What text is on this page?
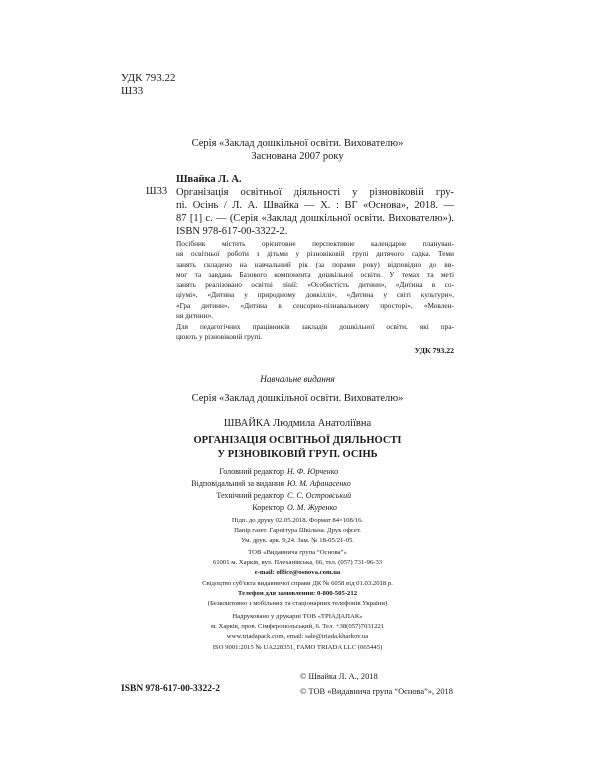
УДК 793.22
Ш33
Серія «Заклад дошкільної освіти. Вихователю»
Заснована 2007 року
Швайка Л. А.
Ш33 Організація освітньої діяльності у різновіковій гру-
пі. Осінь / Л. А. Швайка — Х. : ВГ «Основа», 2018. —
87 [1] с. — (Серія «Заклад дошкільної освіти. Вихователю»).
ISBN 978-617-00-3322-2.
Посібник містить орієнтовне перспективне календарне плануван-
ня освітньої роботи з дітьми у різновіковій групі дитячого садка. Теми
занять складено на навчальний рік (за порами року) відповідно до ви-
мог та завдань Базового компонента дошкільної освіти. У темах та меті
занять реалізовано освітні лінії: «Особистість дитини», «Дитина в со-
ціумі», «Дитина у природному довкіллі», «Дитина у світі культури»,
«Гра дитини», «Дитина в сенсорно-пізнавальному просторі», «Мовлен-
ня дитини».
Для педагогічних працівників закладів дошкільної освіти, які пра-
цюють у різновіковій групі.
УДК 793.22
Навчальне видання
Серія «Заклад дошкільної освіти. Вихователю»
ШВАЙКА Людмила Анатоліївна
ОРГАНІЗАЦІЯ ОСВІТНЬОЇ ДІЯЛЬНОСТІ
У РІЗНОВІКОВІЙ ГРУП. ОСІНЬ
Головний редактор Н. Ф. Юрченко
Відповідальний за видання Ю. М. Афанасенко
Технічний редактор С. С. Островський
Коректор О. М. Журенко
Підп. до друку 02.05.2018. Формат 84×108/16.
Папір газет. Гарнітура Шкільна. Друк офсет.
Ум. друк. арк. 9,24. Зам. № 18-05/21-05.
ТОВ «Видавнича група “Основа”»
61001 м. Харків, вул. Плеханівська, 66, тел. (057) 731-96-33
e-mail: office@osnova.com.ua
Свідоцтво суб'єкта видавничої справи ДК № 6058 від 01.03.2018 р.
Телефон для замовлення: 0-800-505-212
(Безкоштовно з мобільних та стаціонарних телефонів України)
Надруковано у друкарні ТОВ «ТРІАДАПАК»
м. Харків, пров. Сімферопольський, 6. Тел. +38(057)7031221
www.triadapack.com, email: sale@triada.kharkov.ua
ISO 9001:2015 № UA228351, FAMO TRIADA LLC (065445)
ISBN 978-617-00-3322-2
© Швайка Л. А., 2018
© ТОВ «Видавнича група “Основа”», 2018
